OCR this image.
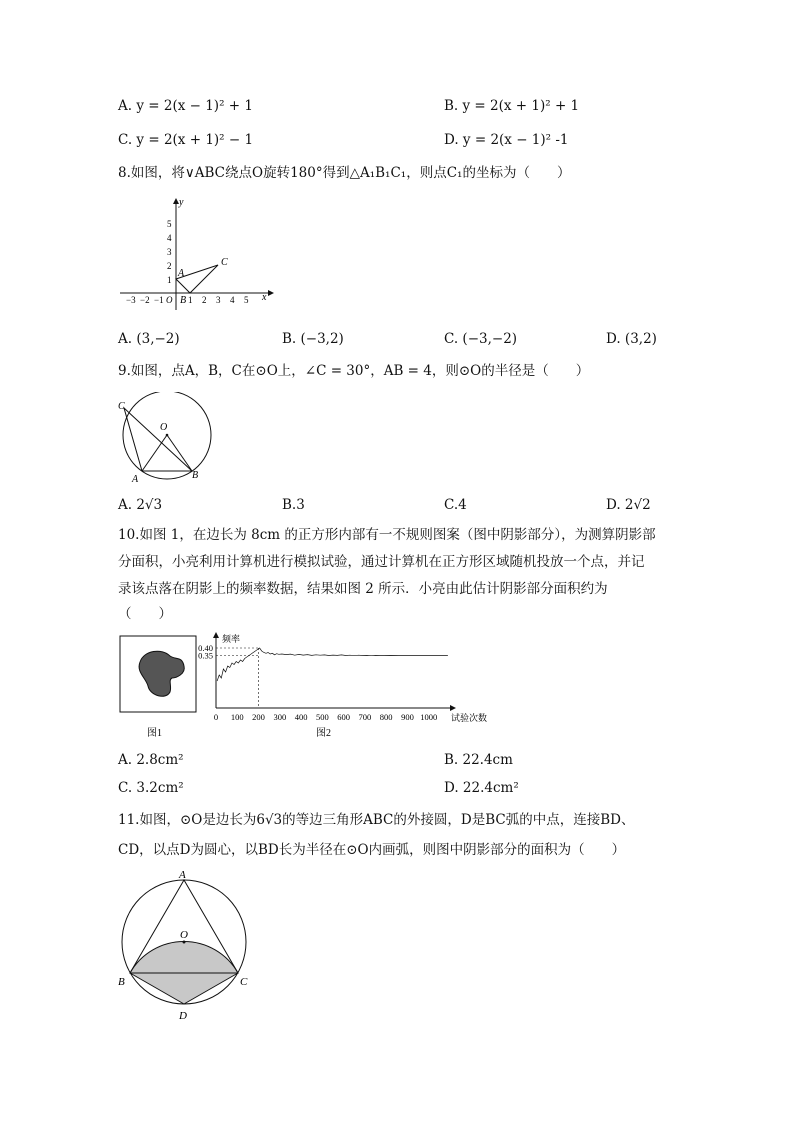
A. y = 2(x − 1)² + 1	B. y = 2(x + 1)² + 1
C. y = 2(x + 1)² − 1	D. y = 2(x − 1)² -1
8.如图，将∨ABC绕点O旋转180°得到△A₁B₁C₁，则点C₁的坐标为（　　）
y
x
−3 −2 −1	1 2 3 4 5
1
2
3
4
5
O
A
B
C
A. (3,−2)	B. (−3,2)	C. (−3,−2)	D. (3,2)
9.如图，点A，B，C在⊙O上，∠C = 30°，AB = 4，则⊙O的半径是（　　）
O
C
A	B
A. 2√3	B.3	C.4	D. 2√2
10.如图 1，在边长为 8cm 的正方形内部有一不规则图案（图中阴影部分），为测算阴影部
分面积，小亮利用计算机进行模拟试验，通过计算机在正方形区域随机投放一个点，并记
录该点落在阴影上的频率数据，结果如图 2 所示．小亮由此估计阴影部分面积约为
（　　）
图1
频率
试验次数
0 100 200 300 400 500 600 700 800 900 1000
0.40
0.35
图2
A. 2.8cm²	B. 22.4cm
C. 3.2cm²	D. 22.4cm²
11.如图，⊙O是边长为6√3的等边三角形ABC的外接圆，D是BC弧的中点，连接BD、
CD，以点D为圆心，以BD长为半径在⊙O内画弧，则图中阴影部分的面积为（　　）
O
A
B	C
D
